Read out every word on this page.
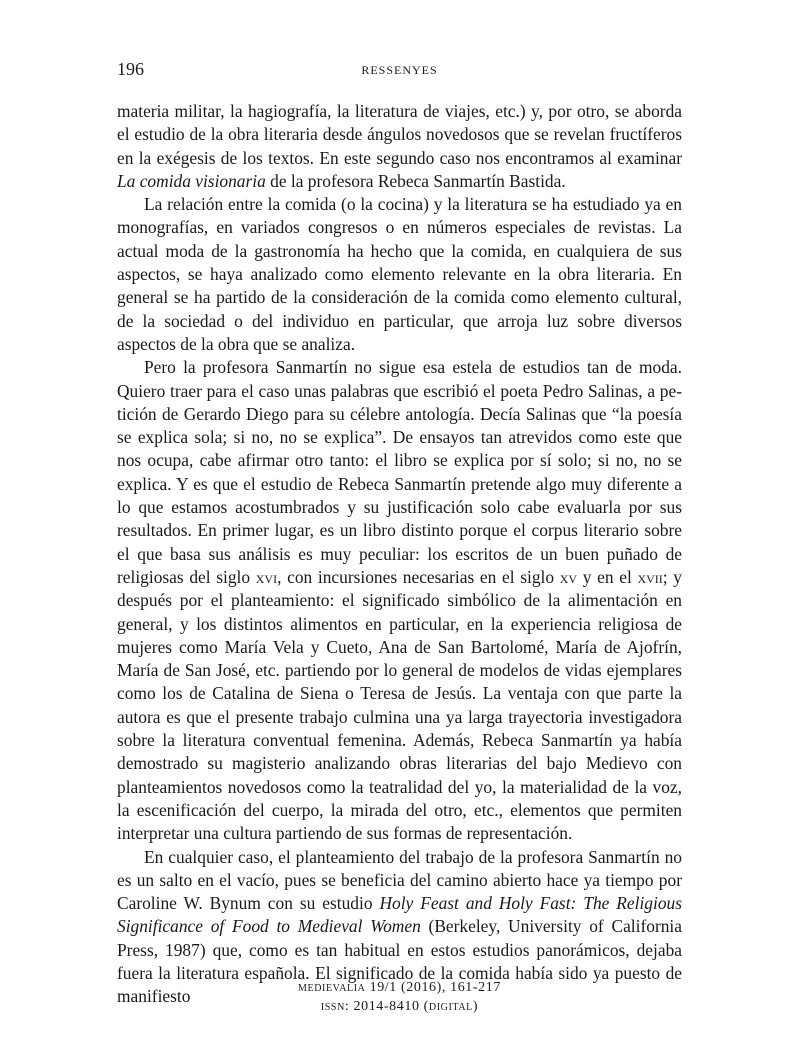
196	RESSENYES

materia militar, la hagiografía, la literatura de viajes, etc.) y, por otro, se aborda el estudio de la obra literaria desde ángulos novedosos que se revelan fructíferos en la exégesis de los textos. En este segundo caso nos encontramos al examinar La comida visionaria de la profesora Rebeca Sanmartín Bastida.

La relación entre la comida (o la cocina) y la literatura se ha estudiado ya en monografías, en variados congresos o en números especiales de revistas. La actual moda de la gastronomía ha hecho que la comida, en cualquiera de sus aspectos, se haya analizado como elemento relevante en la obra literaria. En general se ha partido de la consideración de la comida como elemento cultural, de la sociedad o del individuo en particular, que arroja luz sobre diversos aspectos de la obra que se analiza.

Pero la profesora Sanmartín no sigue esa estela de estudios tan de moda. Quiero traer para el caso unas palabras que escribió el poeta Pedro Salinas, a petición de Gerardo Diego para su célebre antología. Decía Salinas que “la poesía se explica sola; si no, no se explica”. De ensayos tan atrevidos como este que nos ocupa, cabe afirmar otro tanto: el libro se explica por sí solo; si no, no se explica. Y es que el estudio de Rebeca Sanmartín pretende algo muy diferente a lo que estamos acostumbrados y su justificación solo cabe evaluarla por sus resultados. En primer lugar, es un libro distinto porque el corpus literario sobre el que basa sus análisis es muy peculiar: los escritos de un buen puñado de religiosas del siglo xvi, con incursiones necesarias en el siglo xv y en el xvii; y después por el planteamiento: el significado simbólico de la alimentación en general, y los distintos alimentos en particular, en la experiencia religiosa de mujeres como María Vela y Cueto, Ana de San Bartolomé, María de Ajofrín, María de San José, etc. partiendo por lo general de modelos de vidas ejemplares como los de Catalina de Siena o Teresa de Jesús. La ventaja con que parte la autora es que el presente trabajo culmina una ya larga trayectoria investigadora sobre la literatura conventual femenina. Además, Rebeca Sanmartín ya había demostrado su magisterio analizando obras literarias del bajo Medievo con planteamientos novedosos como la teatralidad del yo, la materialidad de la voz, la escenificación del cuerpo, la mirada del otro, etc., elementos que permiten interpretar una cultura partiendo de sus formas de representación.

En cualquier caso, el planteamiento del trabajo de la profesora Sanmartín no es un salto en el vacío, pues se beneficia del camino abierto hace ya tiempo por Caroline W. Bynum con su estudio Holy Feast and Holy Fast: The Religious Significance of Food to Medieval Women (Berkeley, University of California Press, 1987) que, como es tan habitual en estos estudios panorámicos, dejaba fuera la literatura española. El significado de la comida había sido ya puesto de manifiesto	medievalia 19/1 (2016), 161-217
issn: 2014-8410 (digital)
